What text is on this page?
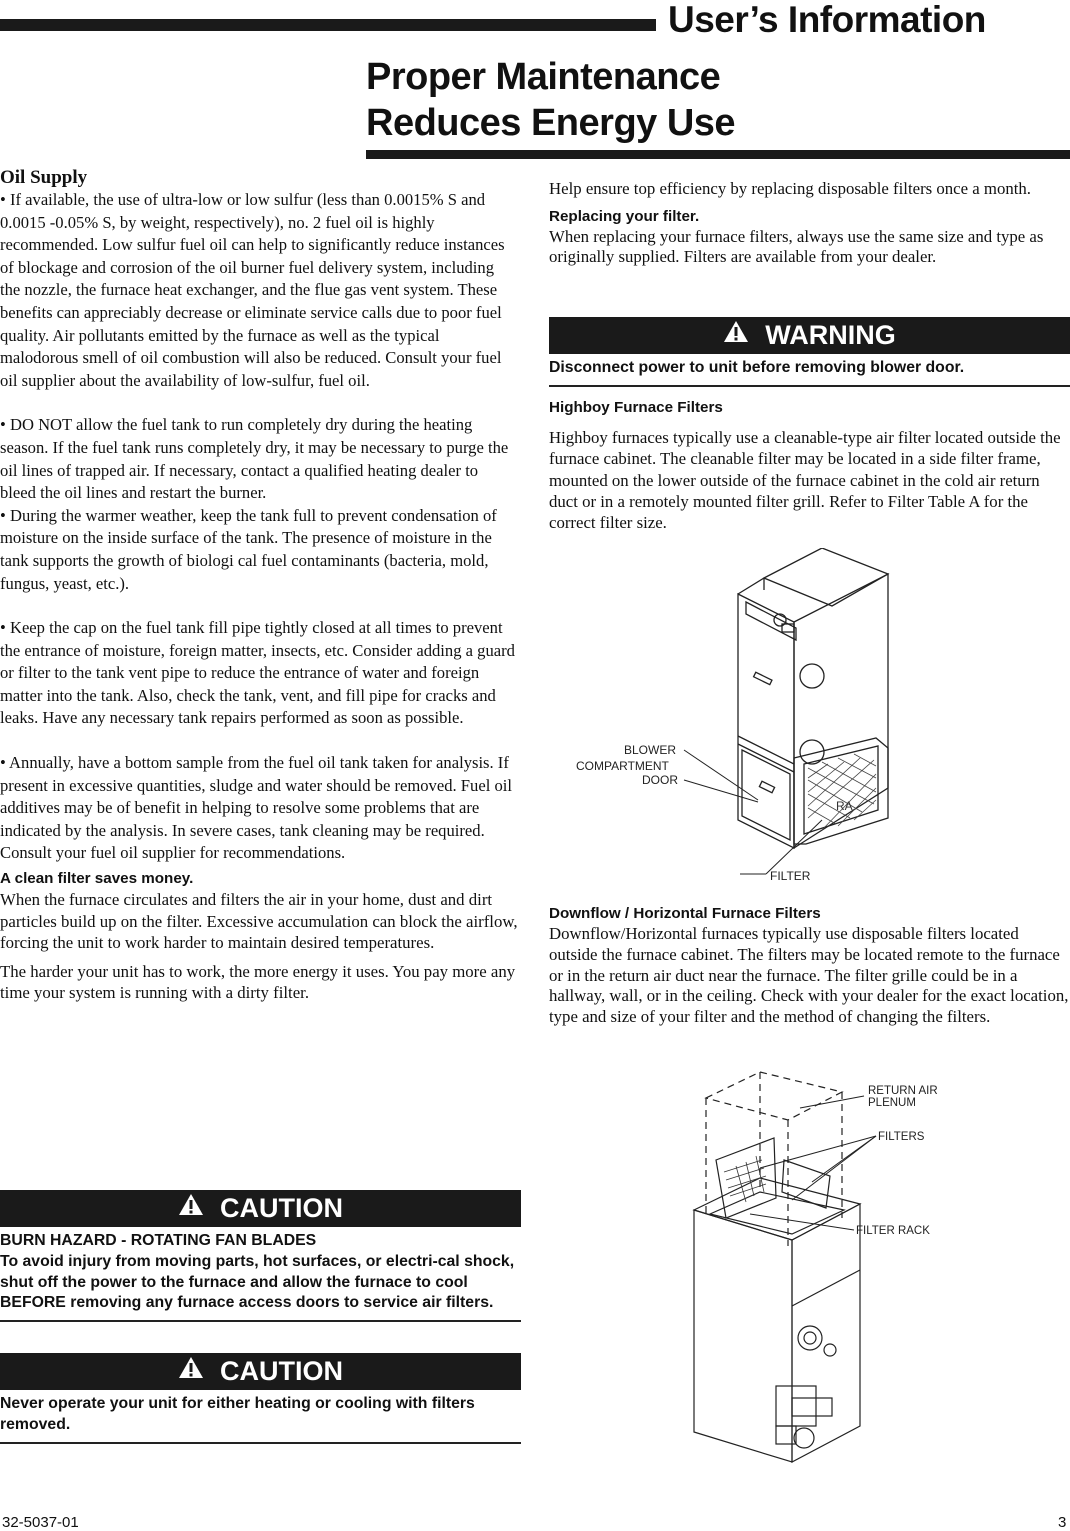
User’s Information
Proper Maintenance
Reduces Energy Use

Oil Supply

• If available, the use of ultra-low or low sulfur (less than 0.0015% S and 0.0015 -0.05% S, by weight, respectively), no. 2 fuel oil is highly recommended. Low sulfur fuel oil can help to significantly reduce instances of blockage and corrosion of the oil burner fuel delivery system, including the nozzle, the furnace heat exchanger, and the flue gas vent system. These benefits can appreciably decrease or eliminate service calls due to poor fuel quality. Air pollutants emitted by the furnace as well as the typical malodorous smell of oil combustion will also be reduced. Consult your fuel oil supplier about the availability of low-sulfur, fuel oil.

• DO NOT allow the fuel tank to run completely dry during the heating season. If the fuel tank runs completely dry, it may be necessary to purge the oil lines of trapped air. If necessary, contact a qualified heating dealer to bleed the oil lines and restart the burner.

• During the warmer weather, keep the tank full to prevent condensation of moisture on the inside surface of the tank. The presence of moisture in the tank supports the growth of biologi cal fuel contaminants (bacteria, mold, fungus, yeast, etc.).

• Keep the cap on the fuel tank fill pipe tightly closed at all times to prevent the entrance of moisture, foreign matter, insects, etc. Consider adding a guard or filter to the tank vent pipe to reduce the entrance of water and foreign matter into the tank. Also, check the tank, vent, and fill pipe for cracks and leaks. Have any necessary tank repairs performed as soon as possible.

• Annually, have a bottom sample from the fuel oil tank taken for analysis. If present in excessive quantities, sludge and water should be removed. Fuel oil additives may be of benefit in helping to resolve some problems that are indicated by the analysis. In severe cases, tank cleaning may be required. Consult your fuel oil supplier for recommendations.

A clean filter saves money.

When the furnace circulates and filters the air in your home, dust and dirt particles build up on the filter. Excessive accumulation can block the airflow, forcing the unit to work harder to maintain desired temperatures.

The harder your unit has to work, the more energy it uses. You pay more any time your system is running with a dirty filter.

CAUTION

BURN HAZARD - ROTATING FAN BLADES

To avoid injury from moving parts, hot surfaces, or electri-cal shock, shut off the power to the furnace and allow the furnace to cool BEFORE removing any furnace access doors to service air filters.

CAUTION

Never operate your unit for either heating or cooling with filters removed.

Help ensure top efficiency by replacing disposable filters once a month.

Replacing your filter.

When replacing your furnace filters, always use the same size and type as originally supplied. Filters are available from your dealer.

WARNING

Disconnect power to unit before removing blower door.

Highboy Furnace Filters

Highboy furnaces typically use a cleanable-type air filter located outside the furnace cabinet. The cleanable filter may be located in a side filter frame, mounted on the lower outside of the furnace cabinet in the cold air return duct or in a remotely mounted filter grill. Refer to Filter Table A for the correct filter size.

RA
BLOWER
COMPARTMENT
DOOR
FILTER

Downflow / Horizontal Furnace Filters

Downflow/Horizontal furnaces typically use disposable filters located outside the furnace cabinet. The filters may be located remote to the furnace or in the return air duct near the furnace. The filter grille could be in a hallway, wall, or in the ceiling. Check with your dealer for the exact location, type and size of your filter and the method of changing the filters.

RETURN AIR
PLENUM
FILTERS
FILTER RACK
32-5037-01	3
